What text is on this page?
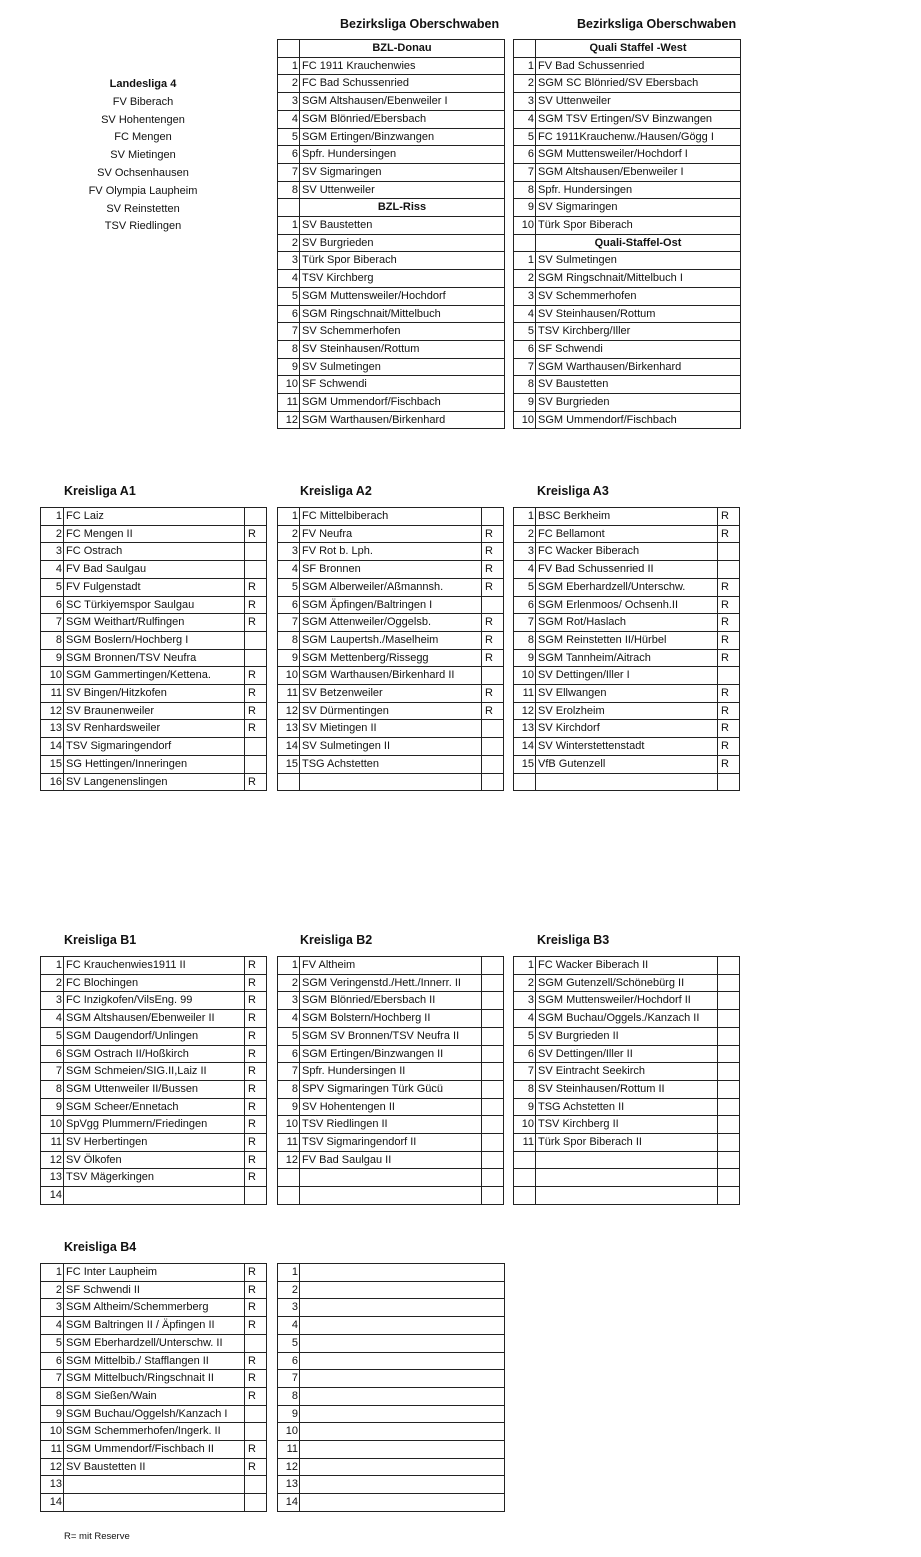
Bezirksliga Oberschwaben	Bezirksliga Oberschwaben
Landesliga 4
FV Biberach
SV Hohentengen
FC Mengen
SV Mietingen
SV Ochsenhausen
FV Olympia Laupheim
SV Reinstetten
TSV Riedlingen
Kreisliga A1	Kreisliga A2	Kreisliga A3
Kreisliga B1	Kreisliga B2	Kreisliga B3
Kreisliga B4
	BZL-Donau
1	FC 1911 Krauchenwies
2	FC Bad Schussenried
3	SGM Altshausen/Ebenweiler I
4	SGM Blönried/Ebersbach
5	SGM Ertingen/Binzwangen
6	Spfr. Hundersingen
7	SV Sigmaringen
8	SV Uttenweiler
	BZL-Riss
1	SV Baustetten
2	SV Burgrieden
3	Türk Spor Biberach
4	TSV Kirchberg
5	SGM Muttensweiler/Hochdorf
6	SGM Ringschnait/Mittelbuch
7	SV Schemmerhofen
8	SV Steinhausen/Rottum
9	SV Sulmetingen
10	SF Schwendi
11	SGM Ummendorf/Fischbach
12	SGM Warthausen/Birkenhard
	Quali Staffel -West
1	FV Bad Schussenried
2	SGM SC Blönried/SV Ebersbach
3	SV Uttenweiler
4	SGM TSV Ertingen/SV Binzwangen
5	FC 1911Krauchenw./Hausen/Gögg I
6	SGM Muttensweiler/Hochdorf I
7	SGM Altshausen/Ebenweiler I
8	Spfr. Hundersingen
9	SV Sigmaringen
10	Türk Spor Biberach
	Quali-Staffel-Ost
1	SV Sulmetingen
2	SGM Ringschnait/Mittelbuch I
3	SV Schemmerhofen
4	SV Steinhausen/Rottum
5	TSV Kirchberg/Iller
6	SF Schwendi
7	SGM Warthausen/Birkenhard
8	SV Baustetten
9	SV Burgrieden
10	SGM Ummendorf/Fischbach
1	FC Laiz	
2	FC Mengen II	R
3	FC Ostrach	
4	FV Bad Saulgau	
5	FV Fulgenstadt	R
6	SC Türkiyemspor Saulgau	R
7	SGM Weithart/Rulfingen	R
8	SGM Boslern/Hochberg I	
9	SGM Bronnen/TSV Neufra	
10	SGM Gammertingen/Kettena.	R
11	SV Bingen/Hitzkofen	R
12	SV Braunenweiler	R
13	SV Renhardsweiler	R
14	TSV Sigmaringendorf	
15	SG Hettingen/Inneringen	
16	SV Langenenslingen	R
1	FC Mittelbiberach	
2	FV Neufra	R
3	FV Rot b. Lph.	R
4	SF Bronnen	R
5	SGM Alberweiler/Aßmannsh.	R
6	SGM Äpfingen/Baltringen I	
7	SGM Attenweiler/Oggelsb.	R
8	SGM Laupertsh./Maselheim	R
9	SGM Mettenberg/Rissegg	R
10	SGM Warthausen/Birkenhard II	
11	SV Betzenweiler	R
12	SV Dürmentingen	R
13	SV Mietingen II	
14	SV Sulmetingen II	
15	TSG Achstetten	

1	BSC Berkheim	R
2	FC Bellamont	R
3	FC Wacker Biberach	
4	FV Bad Schussenried II	
5	SGM Eberhardzell/Unterschw.	R
6	SGM Erlenmoos/ Ochsenh.II	R
7	SGM Rot/Haslach	R
8	SGM Reinstetten II/Hürbel	R
9	SGM Tannheim/Aitrach	R
10	SV Dettingen/Iller I	
11	SV Ellwangen	R
12	SV Erolzheim	R
13	SV Kirchdorf	R
14	SV Winterstettenstadt	R
15	VfB Gutenzell	R

1	FC Krauchenwies1911 II	R
2	FC Blochingen	R
3	FC Inzigkofen/VilsEng. 99	R
4	SGM Altshausen/Ebenweiler II	R
5	SGM Daugendorf/Unlingen	R
6	SGM Ostrach II/Hoßkirch	R
7	SGM Schmeien/SIG.II,Laiz II	R
8	SGM Uttenweiler II/Bussen	R
9	SGM Scheer/Ennetach	R
10	SpVgg Plummern/Friedingen	R
11	SV Herbertingen	R
12	SV Ölkofen	R
13	TSV Mägerkingen	R
14		
1	FV Altheim	
2	SGM Veringenstd./Hett./Innerr. II	
3	SGM Blönried/Ebersbach II	
4	SGM Bolstern/Hochberg II	
5	SGM SV Bronnen/TSV Neufra II	
6	SGM Ertingen/Binzwangen II	
7	Spfr. Hundersingen II	
8	SPV Sigmaringen Türk Gücü	
9	SV Hohentengen II	
10	TSV Riedlingen II	
11	TSV Sigmaringendorf II	
12	FV Bad Saulgau II	

1	FC Wacker Biberach II	
2	SGM Gutenzell/Schönebürg II	
3	SGM Muttensweiler/Hochdorf II	
4	SGM Buchau/Oggels./Kanzach II	
5	SV Burgrieden II	
6	SV Dettingen/Iller II	
7	SV Eintracht Seekirch	
8	SV Steinhausen/Rottum II	
9	TSG Achstetten II	
10	TSV Kirchberg II	
11	Türk Spor Biberach II	

1	FC Inter Laupheim	R
2	SF Schwendi II	R
3	SGM Altheim/Schemmerberg	R
4	SGM Baltringen II / Äpfingen II	R
5	SGM Eberhardzell/Unterschw. II	
6	SGM Mittelbib./ Stafflangen II	R
7	SGM Mittelbuch/Ringschnait II	R
8	SGM Sießen/Wain	R
9	SGM Buchau/Oggelsh/Kanzach I	
10	SGM Schemmerhofen/Ingerk. II	
11	SGM Ummendorf/Fischbach II	R
12	SV Baustetten II	R
13		
14		
1	
2	
3	
4	
5	
6	
7	
8	
9	
10	
11	
12	
13	
14	
R= mit Reserve
